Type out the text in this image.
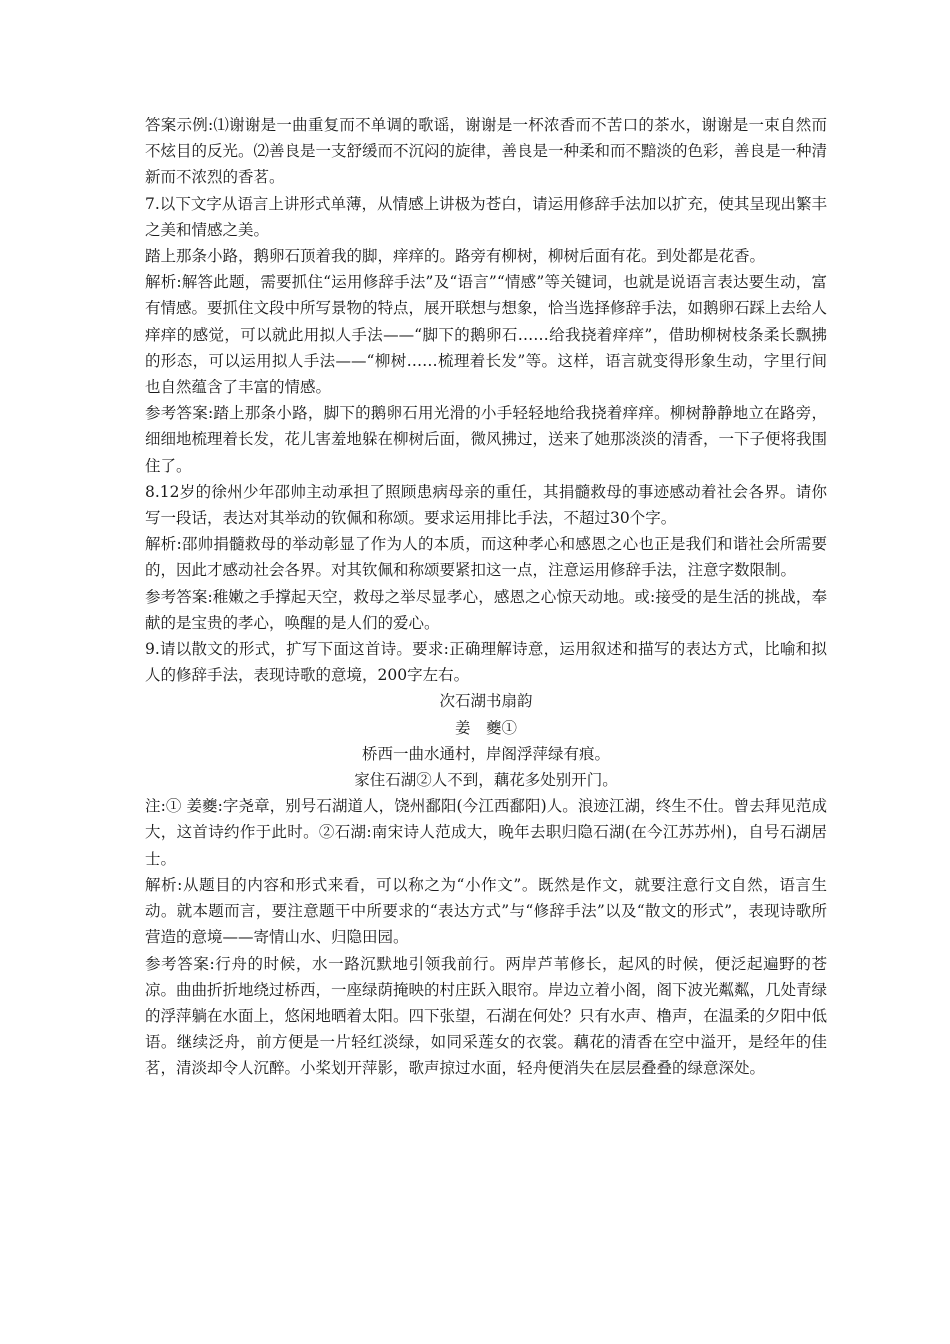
答案示例:⑴谢谢是一曲重复而不单调的歌谣，谢谢是一杯浓香而不苦口的茶水，谢谢是一束自然而不炫目的反光。⑵善良是一支舒缓而不沉闷的旋律，善良是一种柔和而不黯淡的色彩，善良是一种清新而不浓烈的香茗。

7.以下文字从语言上讲形式单薄，从情感上讲极为苍白，请运用修辞手法加以扩充，使其呈现出繁丰之美和情感之美。

踏上那条小路，鹅卵石顶着我的脚，痒痒的。路旁有柳树，柳树后面有花。到处都是花香。

解析:解答此题，需要抓住“运用修辞手法”及“语言”“情感”等关键词，也就是说语言表达要生动，富有情感。要抓住文段中所写景物的特点，展开联想与想象，恰当选择修辞手法，如鹅卵石踩上去给人痒痒的感觉，可以就此用拟人手法——“脚下的鹅卵石……给我挠着痒痒”，借助柳树枝条柔长飘拂的形态，可以运用拟人手法——“柳树……梳理着长发”等。这样，语言就变得形象生动，字里行间也自然蕴含了丰富的情感。

参考答案:踏上那条小路，脚下的鹅卵石用光滑的小手轻轻地给我挠着痒痒。柳树静静地立在路旁，细细地梳理着长发，花儿害羞地躲在柳树后面，微风拂过，送来了她那淡淡的清香，一下子便将我围住了。

8.12岁的徐州少年邵帅主动承担了照顾患病母亲的重任，其捐髓救母的事迹感动着社会各界。请你写一段话，表达对其举动的钦佩和称颂。要求运用排比手法，不超过30个字。

解析:邵帅捐髓救母的举动彰显了作为人的本质，而这种孝心和感恩之心也正是我们和谐社会所需要的，因此才感动社会各界。对其钦佩和称颂要紧扣这一点，注意运用修辞手法，注意字数限制。

参考答案:稚嫩之手撑起天空，救母之举尽显孝心，感恩之心惊天动地。或:接受的是生活的挑战，奉献的是宝贵的孝心，唤醒的是人们的爱心。

9.请以散文的形式，扩写下面这首诗。要求:正确理解诗意，运用叙述和描写的表达方式，比喻和拟人的修辞手法，表现诗歌的意境，200字左右。

次石湖书扇韵

姜　夔①

桥西一曲水通村，岸阁浮萍绿有痕。

家住石湖②人不到，藕花多处别开门。

注:① 姜夔:字尧章，别号石湖道人，饶州鄱阳(今江西鄱阳)人。浪迹江湖，终生不仕。曾去拜见范成大，这首诗约作于此时。②石湖:南宋诗人范成大，晚年去职归隐石湖(在今江苏苏州)，自号石湖居士。

解析:从题目的内容和形式来看，可以称之为“小作文”。既然是作文，就要注意行文自然，语言生动。就本题而言，要注意题干中所要求的“表达方式”与“修辞手法”以及“散文的形式”，表现诗歌所营造的意境——寄情山水、归隐田园。

参考答案:行舟的时候，水一路沉默地引领我前行。两岸芦苇修长，起风的时候，便泛起遍野的苍凉。曲曲折折地绕过桥西，一座绿荫掩映的村庄跃入眼帘。岸边立着小阁，阁下波光粼粼，几处青绿的浮萍躺在水面上，悠闲地晒着太阳。四下张望，石湖在何处？只有水声、橹声，在温柔的夕阳中低语。继续泛舟，前方便是一片轻红淡绿，如同采莲女的衣裳。藕花的清香在空中溢开，是经年的佳茗，清淡却令人沉醉。小桨划开萍影，歌声掠过水面，轻舟便消失在层层叠叠的绿意深处。
